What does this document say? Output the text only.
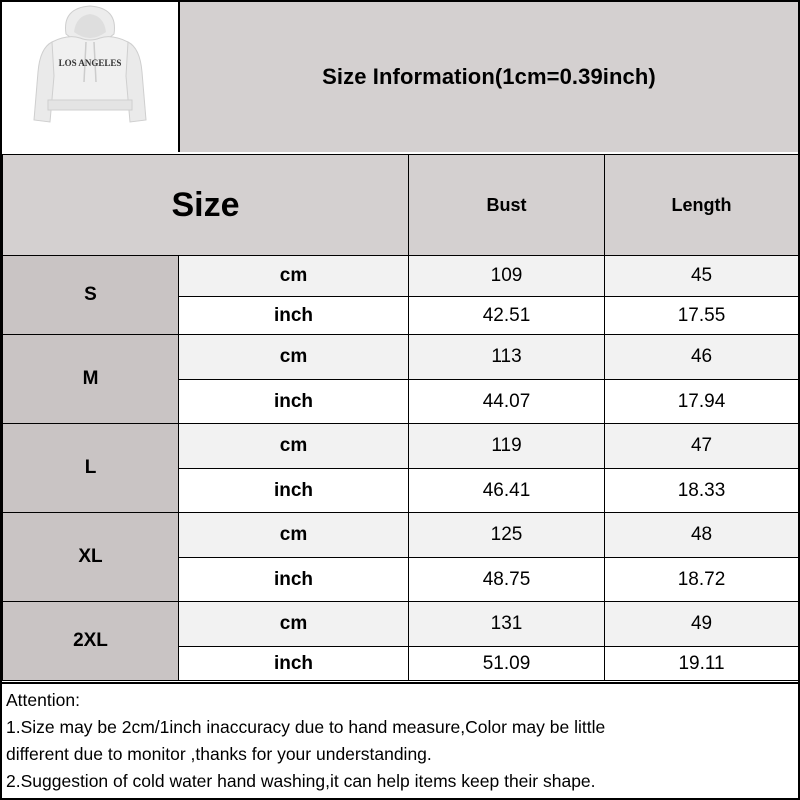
LOS ANGELES
Size Information(1cm=0.39inch)
Size		Bust	Length
S	cm	109	45
	inch	42.51	17.55
M	cm	113	46
	inch	44.07	17.94
L	cm	119	47
	inch	46.41	18.33
XL	cm	125	48
	inch	48.75	18.72
2XL	cm	131	49
	inch	51.09	19.11
Attention:
1.Size may be 2cm/1inch inaccuracy due to hand measure,Color may be little
different due to monitor ,thanks for your understanding.
2.Suggestion of cold water hand washing,it can help items keep their shape.
